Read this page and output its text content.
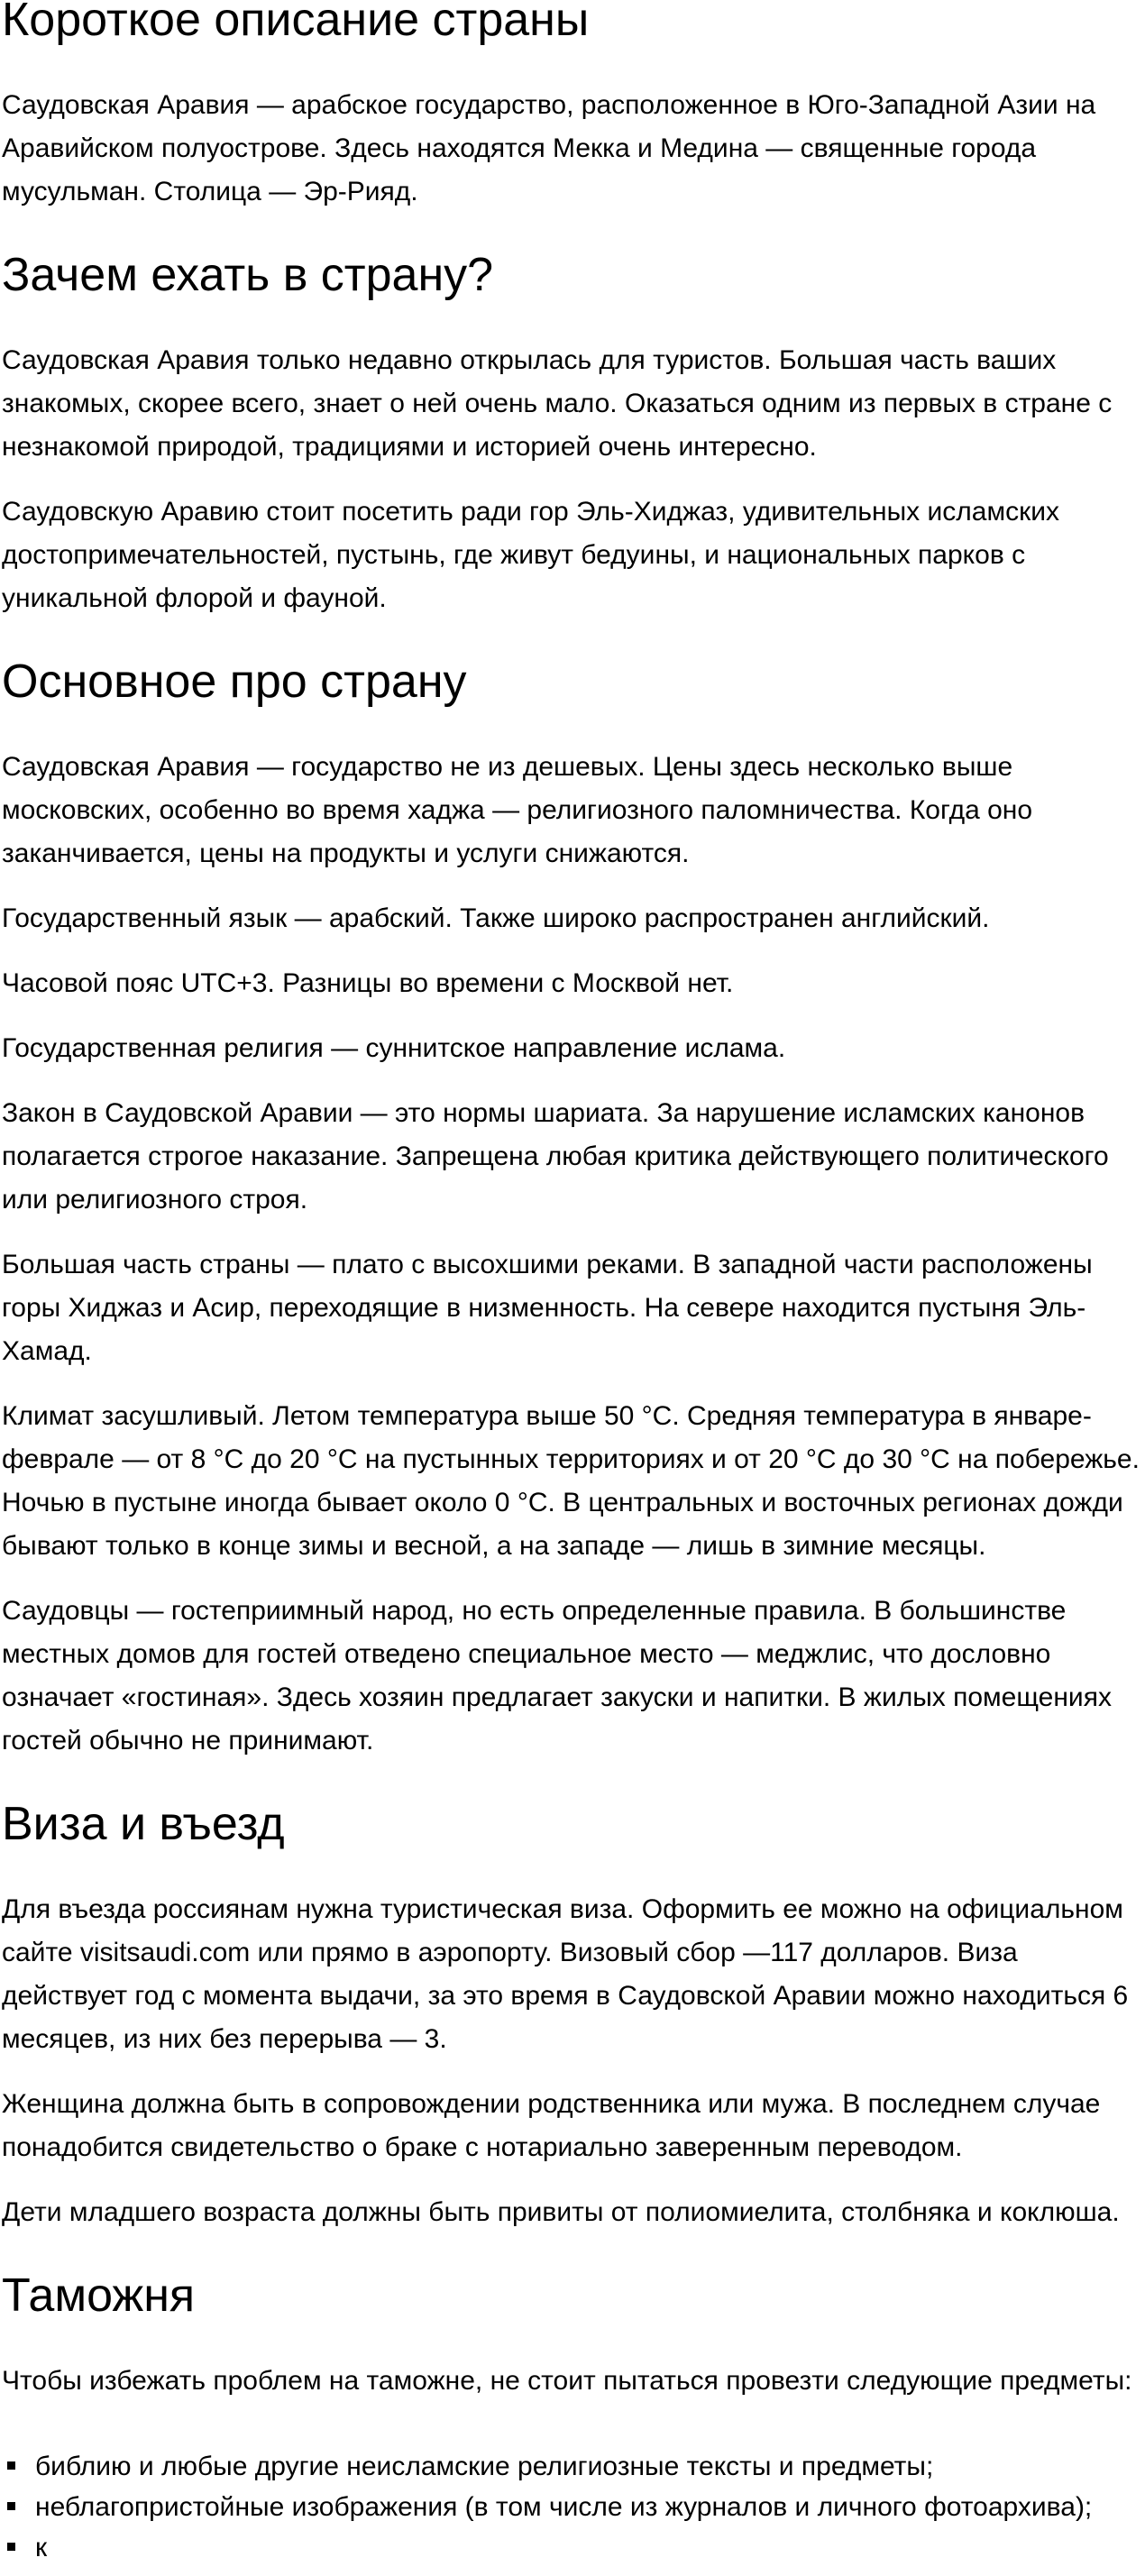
Короткое описание страны

Саудовская Аравия — арабское государство, расположенное в Юго-Западной Азии на Аравийском полуострове. Здесь находятся Мекка и Медина — священные города мусульман. Столица — Эр-Рияд.

Зачем ехать в страну?

Саудовская Аравия только недавно открылась для туристов. Большая часть ваших знакомых, скорее всего, знает о ней очень мало. Оказаться одним из первых в стране с незнакомой природой, традициями и историей очень интересно.

Саудовскую Аравию стоит посетить ради гор Эль-Хиджаз, удивительных исламских достопримечательностей, пустынь, где живут бедуины, и национальных парков с уникальной флорой и фауной.

Основное про страну

Саудовская Аравия — государство не из дешевых. Цены здесь несколько выше московских, особенно во время хаджа — религиозного паломничества. Когда оно заканчивается, цены на продукты и услуги снижаются.

Государственный язык — арабский. Также широко распространен английский.

Часовой пояс UTC+3. Разницы во времени с Москвой нет.

Государственная религия — суннитское направление ислама.

Закон в Саудовской Аравии — это нормы шариата. За нарушение исламских канонов полагается строгое наказание. Запрещена любая критика действующего политического или религиозного строя.

Большая часть страны — плато с высохшими реками. В западной части расположены горы Хиджаз и Асир, переходящие в низменность. На севере находится пустыня Эль-Хамад.

Климат засушливый. Летом температура выше 50 °C. Средняя температура в январе-феврале — от 8 °C до 20 °C на пустынных территориях и от 20 °C до 30 °C на побережье. Ночью в пустыне иногда бывает около 0 °C. В центральных и восточных регионах дожди бывают только в конце зимы и весной, а на западе — лишь в зимние месяцы.

Саудовцы — гостеприимный народ, но есть определенные правила. В большинстве местных домов для гостей отведено специальное место — меджлис, что дословно означает «гостиная». Здесь хозяин предлагает закуски и напитки. В жилых помещениях гостей обычно не принимают.

Виза и въезд

Для въезда россиянам нужна туристическая виза. Оформить ее можно на официальном сайте visitsaudi.com или прямо в аэропорту. Визовый сбор —117 долларов. Виза действует год с момента выдачи, за это время в Саудовской Аравии можно находиться 6 месяцев, из них без перерыва — 3.

Женщина должна быть в сопровождении родственника или мужа. В последнем случае понадобится свидетельство о браке с нотариально заверенным переводом.

Дети младшего возраста должны быть привиты от полиомиелита, столбняка и коклюша.

Таможня

Чтобы избежать проблем на таможне, не стоит пытаться провезти следующие предметы:

библию и любые другие неисламские религиозные тексты и предметы;
неблагопристойные изображения (в том числе из журналов и личного фотоархива);
к
